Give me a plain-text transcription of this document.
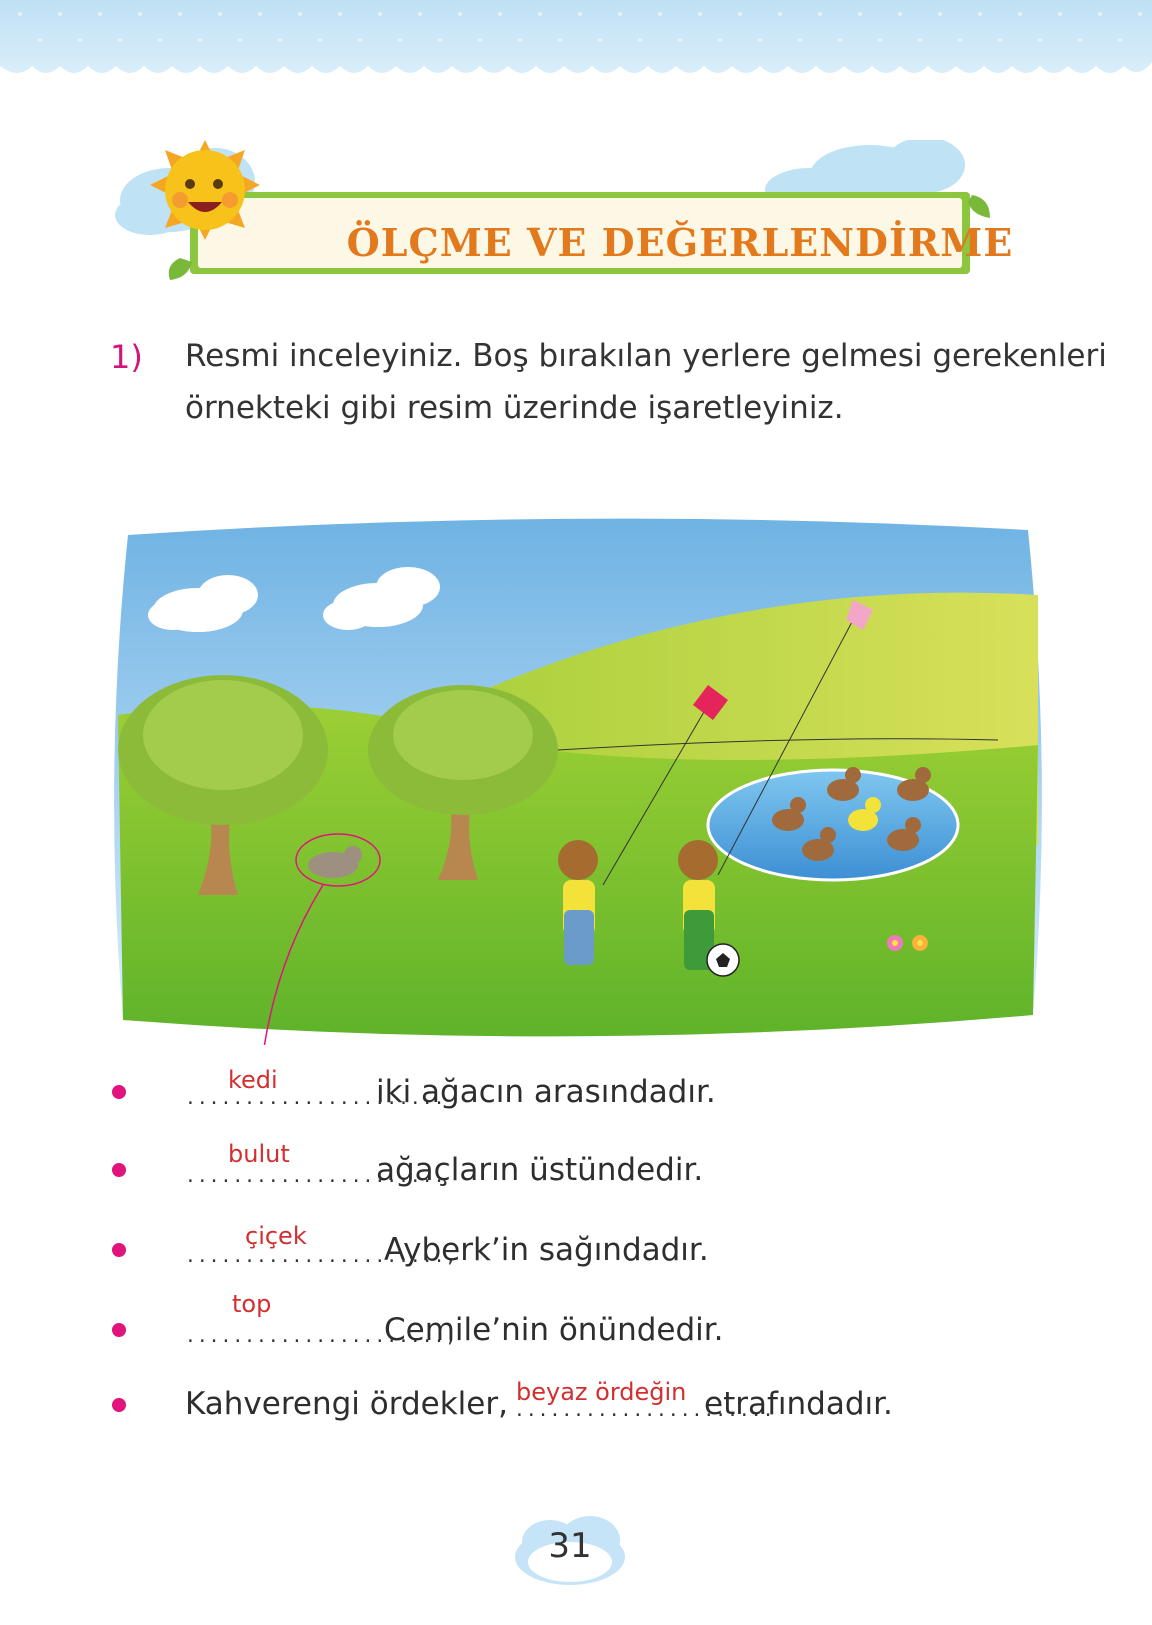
ÖLÇME VE DEĞERLENDİRME
1) Resmi inceleyiniz. Boş bırakılan yerlere gelmesi gerekenleri
örnekteki gibi resim üzerinde işaretleyiniz.
......................
kedi	iki ağacın arasındadır.
......................
bulut	ağaçların üstündedir.
......................,
çiçek Ayberk’in sağındadır.
......................,
top
Cemile’nin önündedir.
Kahverengi ördekler, ......................
beyaz ördeğin etrafındadır.
31
